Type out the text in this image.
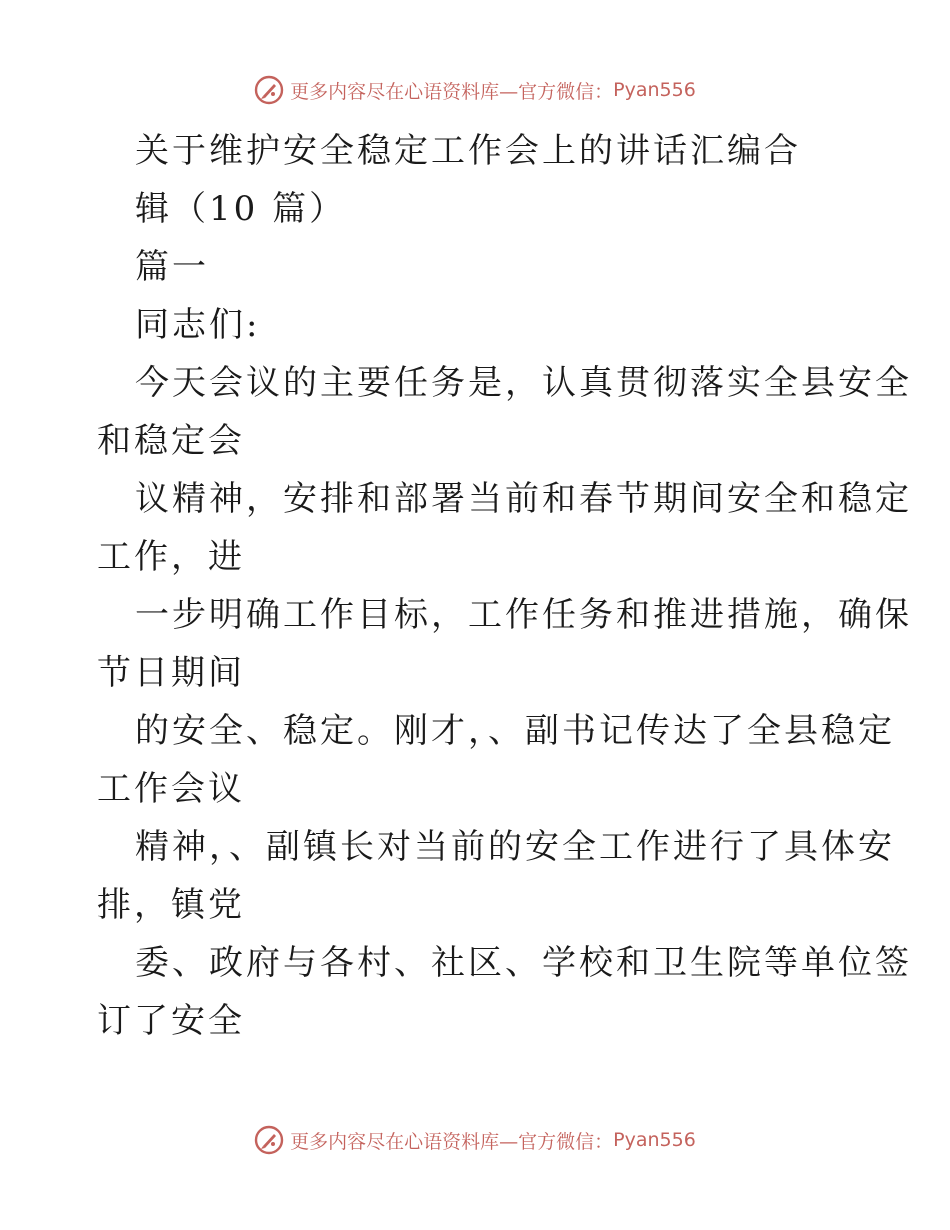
更多内容尽在心语资料库—官方微信： Pyan556
关于维护安全稳定工作会上的讲话汇编合
辑（10 篇）
篇一
同志们:
今天会议的主要任务是，认真贯彻落实全县安全
和稳定会
议精神，安排和部署当前和春节期间安全和稳定
工作，进
一步明确工作目标，工作任务和推进措施，确保
节日期间
的安全、稳定。刚才，、副书记传达了全县稳定
工作会议
精神，、副镇长对当前的安全工作进行了具体安
排，镇党
委、政府与各村、社区、学校和卫生院等单位签
订了安全
更多内容尽在心语资料库—官方微信： Pyan556
